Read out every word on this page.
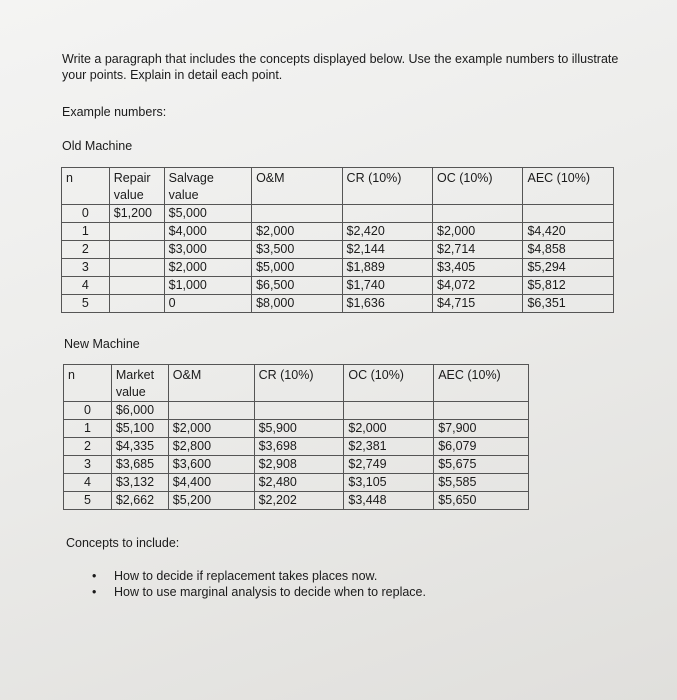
Write a paragraph that includes the concepts displayed below. Use the example numbers to illustrate your points. Explain in detail each point.

Example numbers:

Old Machine

n	Repair value	Salvage value	O&M	CR (10%)	OC (10%)	AEC (10%)
0	$1,200	$5,000				
1		$4,000	$2,000	$2,420	$2,000	$4,420
2		$3,000	$3,500	$2,144	$2,714	$4,858
3		$2,000	$5,000	$1,889	$3,405	$5,294
4		$1,000	$6,500	$1,740	$4,072	$5,812
5		0	$8,000	$1,636	$4,715	$6,351

New Machine

n	Market value	O&M	CR (10%)	OC (10%)	AEC (10%)
0	$6,000				
1	$5,100	$2,000	$5,900	$2,000	$7,900
2	$4,335	$2,800	$3,698	$2,381	$6,079
3	$3,685	$3,600	$2,908	$2,749	$5,675
4	$3,132	$4,400	$2,480	$3,105	$5,585
5	$2,662	$5,200	$2,202	$3,448	$5,650

Concepts to include:

• How to decide if replacement takes places now.
• How to use marginal analysis to decide when to replace.
